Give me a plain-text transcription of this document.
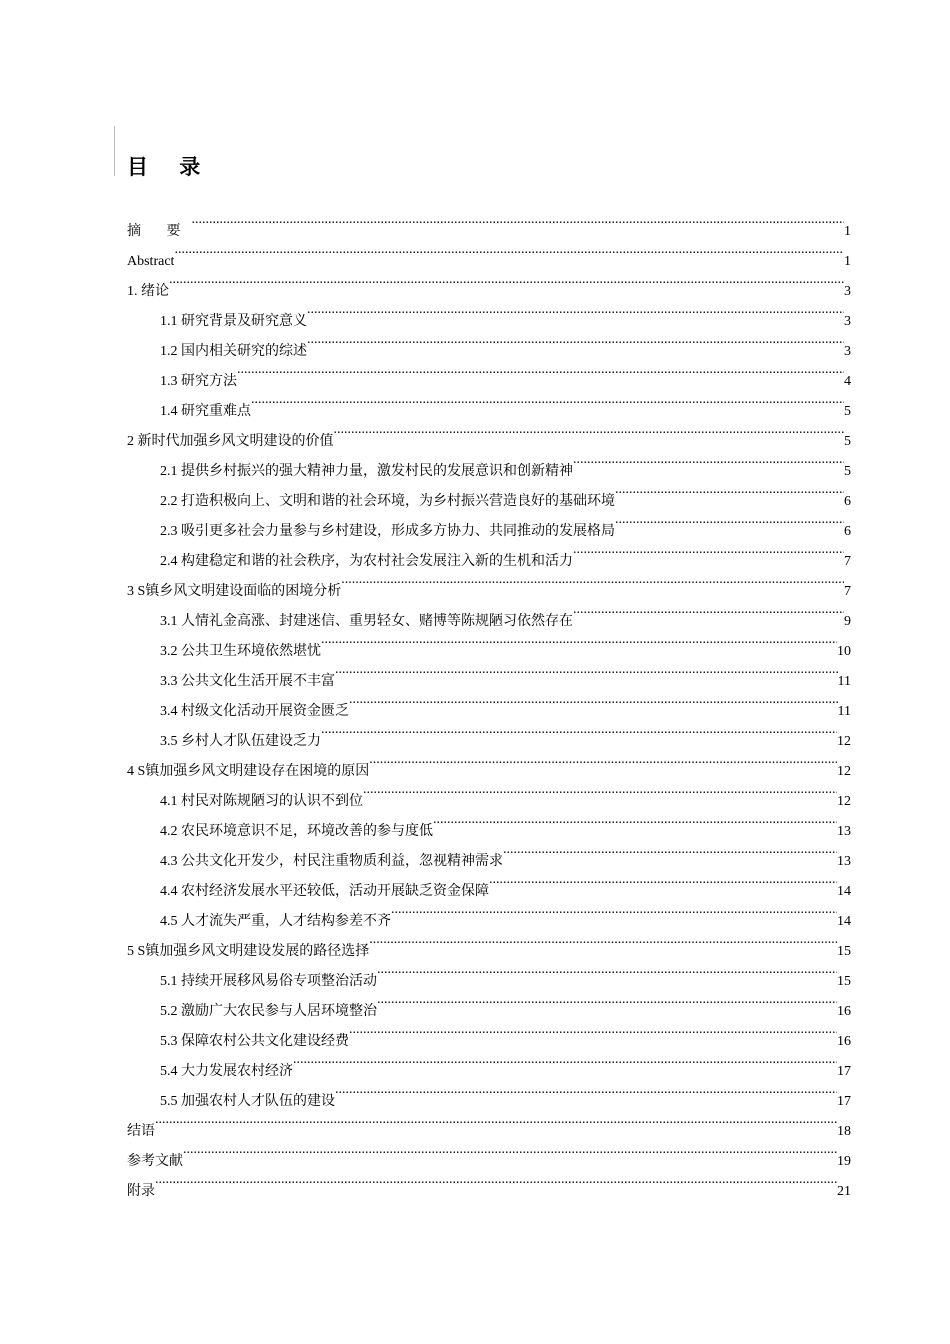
目 录
摘 要 .....	1
Abstract .....	1
1. 绪论 .....	3
1.1 研究背景及研究意义 .....	3
1.2 国内相关研究的综述 .....	3
1.3 研究方法 .....	4
1.4 研究重难点 .....	5
2 新时代加强乡风文明建设的价值 .....	5
2.1 提供乡村振兴的强大精神力量，激发村民的发展意识和创新精神 .....	5
2.2 打造积极向上、文明和谐的社会环境，为乡村振兴营造良好的基础环境 .....	6
2.3 吸引更多社会力量参与乡村建设，形成多方协力、共同推动的发展格局 .....	6
2.4 构建稳定和谐的社会秩序，为农村社会发展注入新的生机和活力 .....	7
3 S镇乡风文明建设面临的困境分析 .....	7
3.1 人情礼金高涨、封建迷信、重男轻女、赌博等陈规陋习依然存在 .....	9
3.2 公共卫生环境依然堪忧 .....	10
3.3 公共文化生活开展不丰富 .....	11
3.4 村级文化活动开展资金匮乏 .....	11
3.5 乡村人才队伍建设乏力 .....	12
4 S镇加强乡风文明建设存在困境的原因 .....	12
4.1 村民对陈规陋习的认识不到位 .....	12
4.2 农民环境意识不足，环境改善的参与度低 .....	13
4.3 公共文化开发少，村民注重物质利益，忽视精神需求 .....	13
4.4 农村经济发展水平还较低，活动开展缺乏资金保障 .....	14
4.5 人才流失严重，人才结构参差不齐 .....	14
5 S镇加强乡风文明建设发展的路径选择 .....	15
5.1 持续开展移风易俗专项整治活动 .....	15
5.2 激励广大农民参与人居环境整治 .....	16
5.3 保障农村公共文化建设经费 .....	16
5.4 大力发展农村经济 .....	17
5.5 加强农村人才队伍的建设 .....	17
结语 .....	18
参考文献 .....	19
附录 .....	21
